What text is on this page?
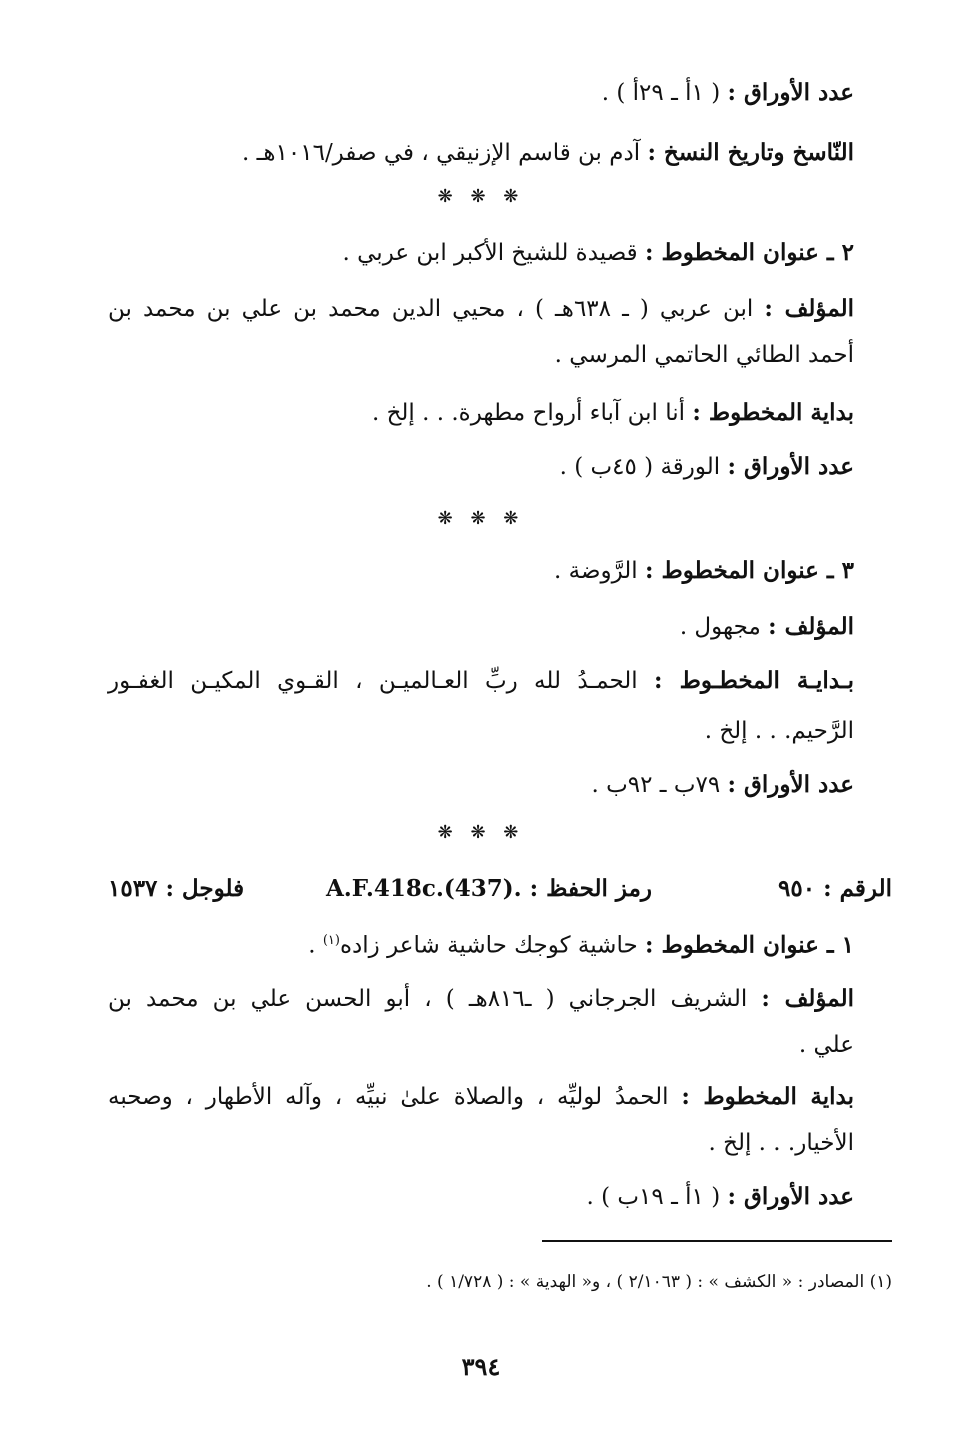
عدد الأوراق : ( ١أ ـ ٢٩أ ) .
النّاسخ وتاريخ النسخ : آدم بن قاسم الإزنيقي ، في صفر/١٠١٦هـ .
❋ ❋ ❋
٢ ـ عنوان المخطوط : قصيدة للشيخ الأكبر ابن عربي .
المؤلف : ابن عربي ( ـ ٦٣٨هـ ) ، محيي الدين محمد بن علي بن محمد بن
أحمد الطائي الحاتمي المرسي .
بداية المخطوط : أنا ابن آباء أرواح مطهرة. . . إلخ .
عدد الأوراق : الورقة ( ٤٥ب ) .
❋ ❋ ❋
٣ ـ عنوان المخطوط : الرَّوضة .
المؤلف : مجهول .
بـدايـة المخطـوط : الحمـدُ لله ربِّ العـالميـن ، القـوي المكيـن الغفـور
الرَّحيم. . . إلخ .
عدد الأوراق : ٧٩ب ـ ٩٢ب .
❋ ❋ ❋
الرقم : ٩٥٠
رمز الحفظ : A.F.418c.(437).
فلوجل : ١٥٣٧
١ ـ عنوان المخطوط : حاشية كوجك حاشية شاعر زاده$^{(١)}$ .
المؤلف : الشريف الجرجاني ( ـ٨١٦هـ ) ، أبو الحسن علي بن محمد بن
علي .
بداية المخطوط : الحمدُ لوليِّه ، والصلاة علىٰ نبيِّه ، وآله الأطهار ، وصحبه
الأخيار. . . إلخ .
عدد الأوراق : ( ١أ ـ ١٩ب ) .
(١) المصادر : « الكشف » : ( ٢/١٠٦٣ ) ، و« الهدية » : ( ١/٧٢٨ ) .
٣٩٤
